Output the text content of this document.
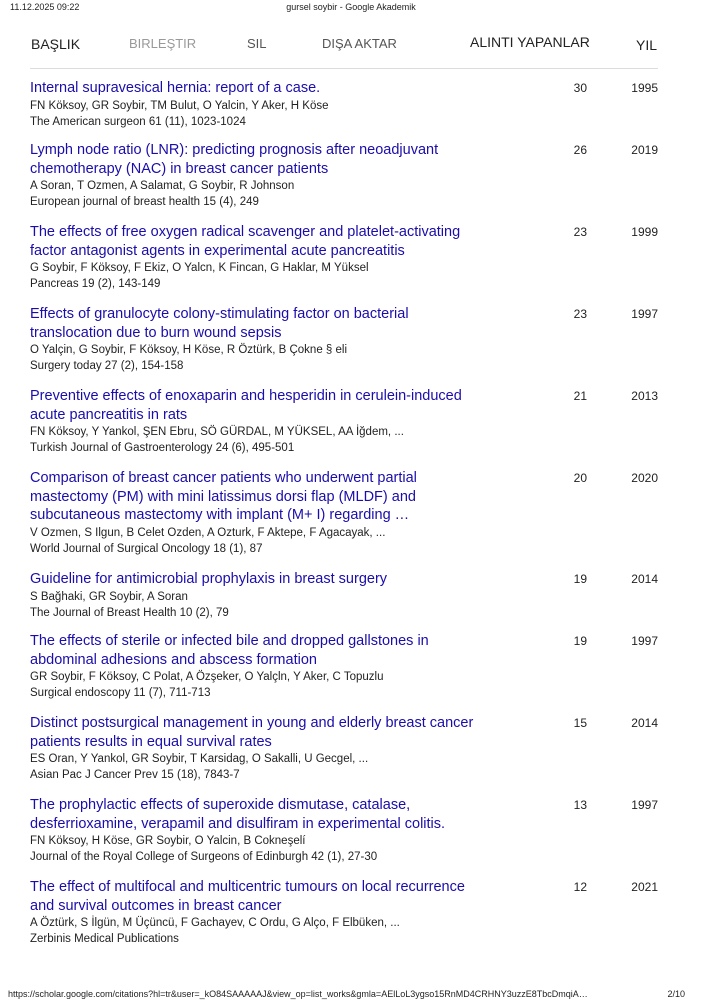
11.12.2025 09:22	gursel soybir - Google Akademik
BAŞLIK	BIRLEŞTIR	SIL	DIŞA AKTAR	ALINTI YAPANLAR	YIL
Internal supravesical hernia: report of a case.
FN Köksoy, GR Soybir, TM Bulut, O Yalcin, Y Aker, H Köse
The American surgeon 61 (11), 1023-1024
30	1995
Lymph node ratio (LNR): predicting prognosis after neoadjuvant chemotherapy (NAC) in breast cancer patients
A Soran, T Ozmen, A Salamat, G Soybir, R Johnson
European journal of breast health 15 (4), 249
26	2019
The effects of free oxygen radical scavenger and platelet-activating factor antagonist agents in experimental acute pancreatitis
G Soybir, F Köksoy, F Ekiz, O Yalcn, K Fincan, G Haklar, M Yüksel
Pancreas 19 (2), 143-149
23	1999
Effects of granulocyte colony-stimulating factor on bacterial translocation due to burn wound sepsis
O Yalçin, G Soybir, F Köksoy, H Köse, R Öztürk, B Çokne § eli
Surgery today 27 (2), 154-158
23	1997
Preventive effects of enoxaparin and hesperidin in cerulein-induced acute pancreatitis in rats
FN Köksoy, Y Yankol, ŞEN Ebru, SÖ GÜRDAL, M YÜKSEL, AA İğdem, ...
Turkish Journal of Gastroenterology 24 (6), 495-501
21	2013
Comparison of breast cancer patients who underwent partial mastectomy (PM) with mini latissimus dorsi flap (MLDF) and subcutaneous mastectomy with implant (M+ I) regarding …
V Ozmen, S Ilgun, B Celet Ozden, A Ozturk, F Aktepe, F Agacayak, ...
World Journal of Surgical Oncology 18 (1), 87
20	2020
Guideline for antimicrobial prophylaxis in breast surgery
S Bağhaki, GR Soybir, A Soran
The Journal of Breast Health 10 (2), 79
19	2014
The effects of sterile or infected bile and dropped gallstones in abdominal adhesions and abscess formation
GR Soybir, F Köksoy, C Polat, A Özşeker, O Yalçln, Y Aker, C Topuzlu
Surgical endoscopy 11 (7), 711-713
19	1997
Distinct postsurgical management in young and elderly breast cancer patients results in equal survival rates
ES Oran, Y Yankol, GR Soybir, T Karsidag, O Sakalli, U Gecgel, ...
Asian Pac J Cancer Prev 15 (18), 7843-7
15	2014
The prophylactic effects of superoxide dismutase, catalase, desferrioxamine, verapamil and disulfiram in experimental colitis.
FN Köksoy, H Köse, GR Soybir, O Yalcin, B Cokneşelí
Journal of the Royal College of Surgeons of Edinburgh 42 (1), 27-30
13	1997
The effect of multifocal and multicentric tumours on local recurrence and survival outcomes in breast cancer
A Öztürk, S İlgün, M Üçüncü, F Gachayev, C Ordu, G Alço, F Elbüken, ...
Zerbinis Medical Publications
12	2021
https://scholar.google.com/citations?hl=tr&user=_kO84SAAAAAJ&view_op=list_works&gmla=AElLoL3ygso15RnMD4CRHNY3uzzE8TbcDmqiA…	2/10
